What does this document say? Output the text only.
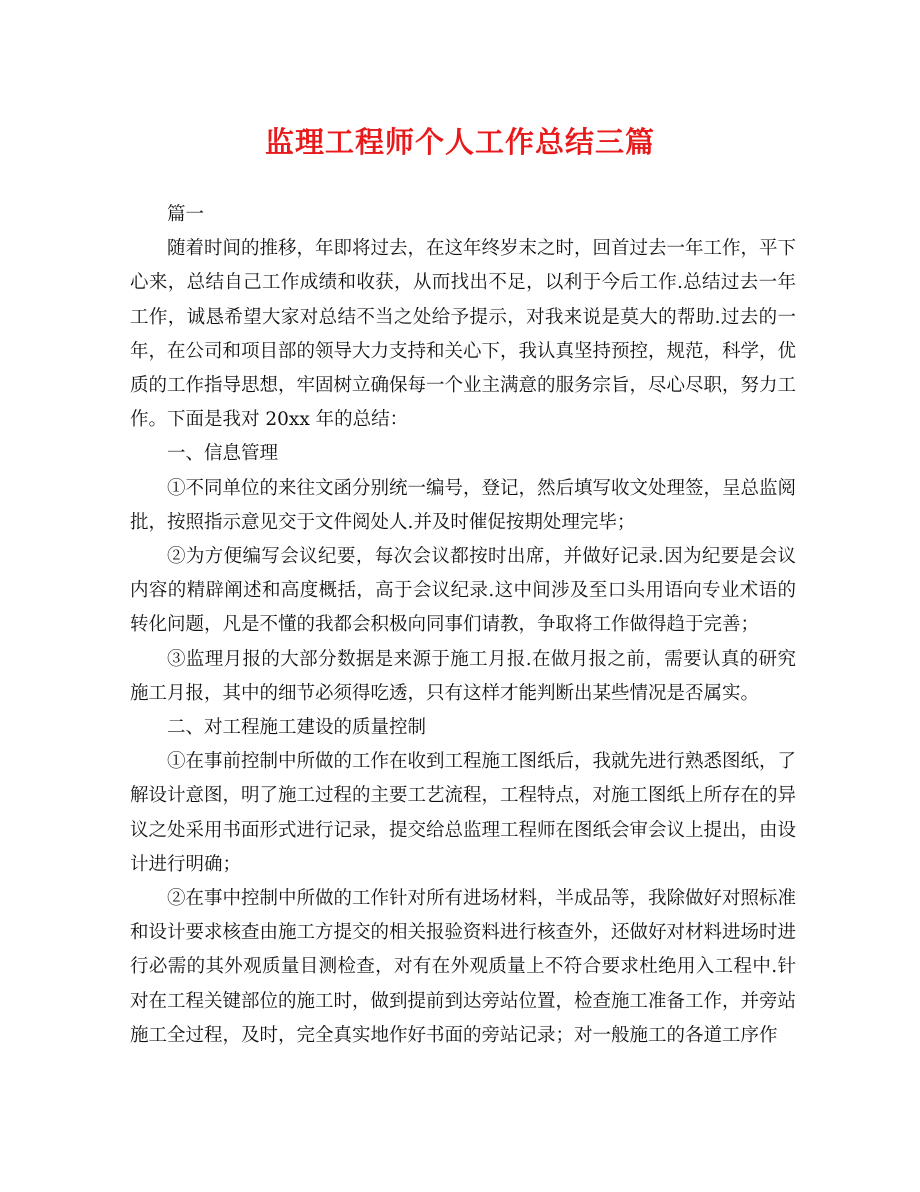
监理工程师个人工作总结三篇

篇一

随着时间的推移，年即将过去，在这年终岁末之时，回首过去一年工作，平下心来，总结自己工作成绩和收获，从而找出不足，以利于今后工作.总结过去一年工作，诚恳希望大家对总结不当之处给予提示，对我来说是莫大的帮助.过去的一年，在公司和项目部的领导大力支持和关心下，我认真坚持预控，规范，科学，优质的工作指导思想，牢固树立确保每一个业主满意的服务宗旨，尽心尽职，努力工作。下面是我对 20xx 年的总结：

一、信息管理

①不同单位的来往文函分别统一编号，登记，然后填写收文处理签，呈总监阅批，按照指示意见交于文件阅处人.并及时催促按期处理完毕；

②为方便编写会议纪要，每次会议都按时出席，并做好记录.因为纪要是会议内容的精辟阐述和高度概括，高于会议纪录.这中间涉及至口头用语向专业术语的转化问题，凡是不懂的我都会积极向同事们请教，争取将工作做得趋于完善；

③监理月报的大部分数据是来源于施工月报.在做月报之前，需要认真的研究施工月报，其中的细节必须得吃透，只有这样才能判断出某些情况是否属实。

二、对工程施工建设的质量控制

①在事前控制中所做的工作在收到工程施工图纸后，我就先进行熟悉图纸，了解设计意图，明了施工过程的主要工艺流程，工程特点，对施工图纸上所存在的异议之处采用书面形式进行记录，提交给总监理工程师在图纸会审会议上提出，由设计进行明确；

②在事中控制中所做的工作针对所有进场材料，半成品等，我除做好对照标准和设计要求核查由施工方提交的相关报验资料进行核查外，还做好对材料进场时进行必需的其外观质量目测检查，对有在外观质量上不符合要求杜绝用入工程中.针对在工程关键部位的施工时，做到提前到达旁站位置，检查施工准备工作，并旁站施工全过程，及时，完全真实地作好书面的旁站记录；对一般施工的各道工序作
